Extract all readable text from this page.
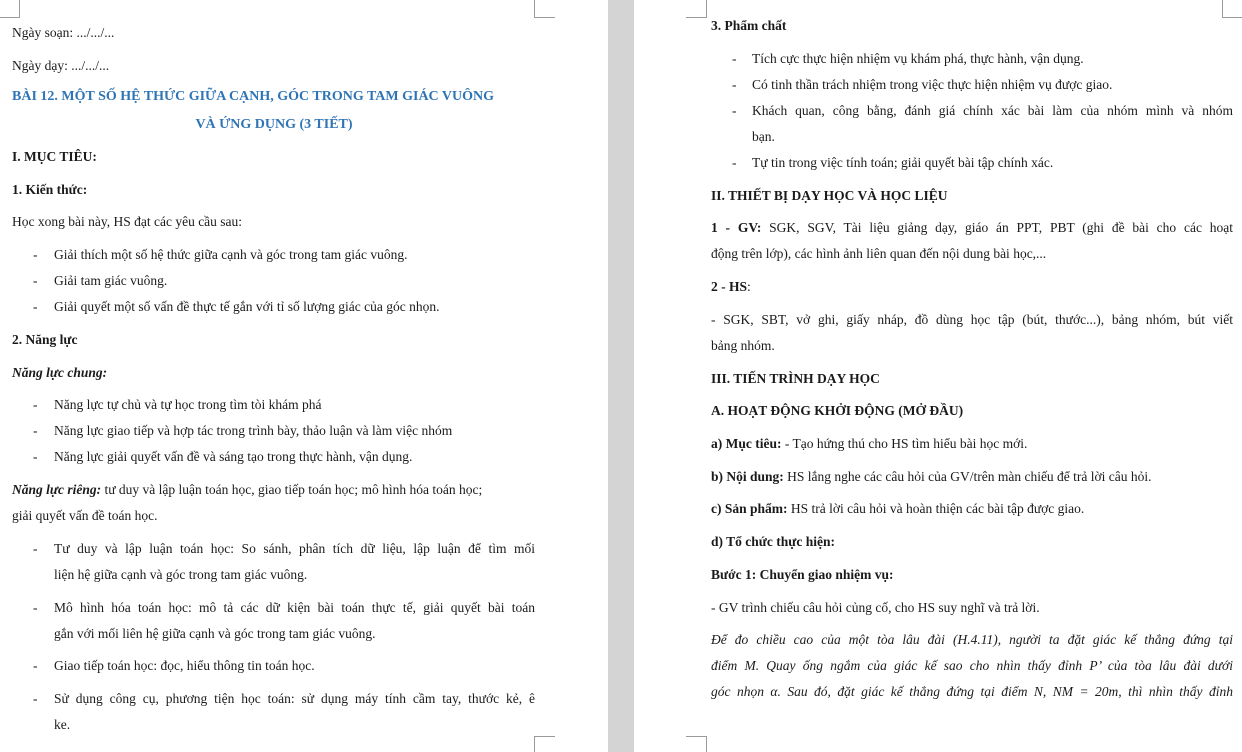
Ngày soạn: .../.../...
Ngày dạy: .../.../...
BÀI 12. MỘT SỐ HỆ THỨC GIỮA CẠNH, GÓC TRONG TAM GIÁC VUÔNG
VÀ ỨNG DỤNG (3 TIẾT)
I. MỤC TIÊU:
1. Kiến thức:
Học xong bài này, HS đạt các yêu cầu sau:
- Giải thích một số hệ thức giữa cạnh và góc trong tam giác vuông.
- Giải tam giác vuông.
- Giải quyết một số vấn đề thực tế gắn với tỉ số lượng giác của góc nhọn.
2. Năng lực
Năng lực chung:
- Năng lực tự chủ và tự học trong tìm tòi khám phá
- Năng lực giao tiếp và hợp tác trong trình bày, thảo luận và làm việc nhóm
- Năng lực giải quyết vấn đề và sáng tạo trong thực hành, vận dụng.
Năng lực riêng: tư duy và lập luận toán học, giao tiếp toán học; mô hình hóa toán học;
giải quyết vấn đề toán học.
- Tư duy và lập luận toán học: So sánh, phân tích dữ liệu, lập luận để tìm mối
liện hệ giữa cạnh và góc trong tam giác vuông.
- Mô hình hóa toán học: mô tả các dữ kiện bài toán thực tế, giải quyết bài toán
gắn với mối liên hệ giữa cạnh và góc trong tam giác vuông.
- Giao tiếp toán học: đọc, hiểu thông tin toán học.
- Sử dụng công cụ, phương tiện học toán: sử dụng máy tính cầm tay, thước kẻ, ê
ke.
3. Phẩm chất
- Tích cực thực hiện nhiệm vụ khám phá, thực hành, vận dụng.
- Có tinh thần trách nhiệm trong việc thực hiện nhiệm vụ được giao.
- Khách quan, công bằng, đánh giá chính xác bài làm của nhóm mình và nhóm
bạn.
- Tự tin trong việc tính toán; giải quyết bài tập chính xác.
II. THIẾT BỊ DẠY HỌC VÀ HỌC LIỆU
1 - GV: SGK, SGV, Tài liệu giảng dạy, giáo án PPT, PBT (ghi đề bài cho các hoạt
động trên lớp), các hình ảnh liên quan đến nội dung bài học,...
2 - HS:
- SGK, SBT, vở ghi, giấy nháp, đồ dùng học tập (bút, thước...), bảng nhóm, bút viết
bảng nhóm.
III. TIẾN TRÌNH DẠY HỌC
A. HOẠT ĐỘNG KHỞI ĐỘNG (MỞ ĐẦU)
a) Mục tiêu: - Tạo hứng thú cho HS tìm hiểu bài học mới.
b) Nội dung: HS lắng nghe các câu hỏi của GV/trên màn chiếu để trả lời câu hỏi.
c) Sản phẩm: HS trả lời câu hỏi và hoàn thiện các bài tập được giao.
d) Tổ chức thực hiện:
Bước 1: Chuyển giao nhiệm vụ:
- GV trình chiếu câu hỏi củng cố, cho HS suy nghĩ và trả lời.
Để đo chiều cao của một tòa lâu đài (H.4.11), người ta đặt giác kế thẳng đứng tại
điểm M. Quay ống ngắm của giác kế sao cho nhìn thấy đỉnh P’ của tòa lâu đài dưới
góc nhọn α. Sau đó, đặt giác kế thẳng đứng tại điểm N, NM = 20m, thì nhìn thấy đỉnh
